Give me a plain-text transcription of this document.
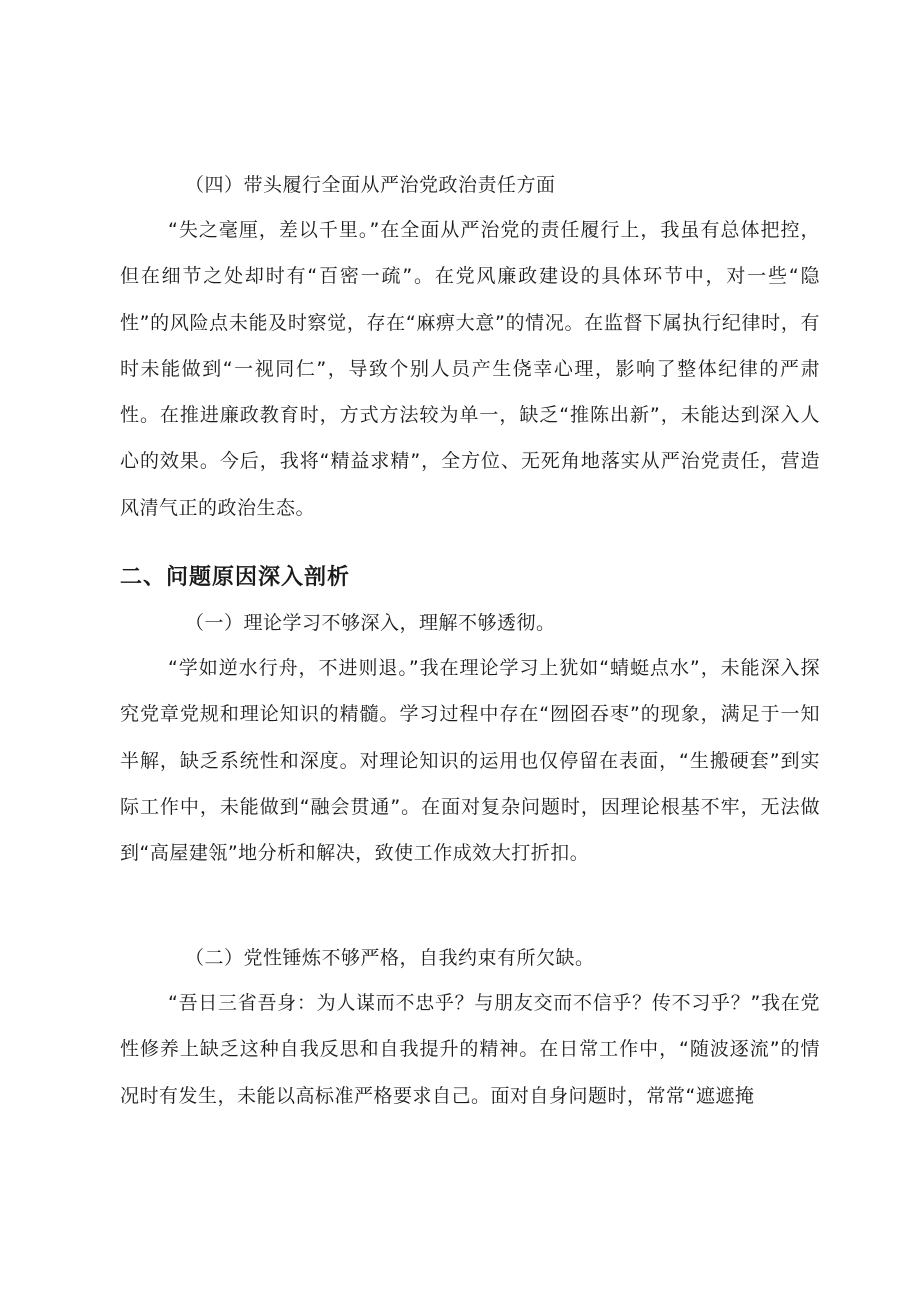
（四）带头履行全面从严治党政治责任方面

“失之毫厘，差以千里。”在全面从严治党的责任履行上，我虽有总体把控，但在细节之处却时有“百密一疏”。在党风廉政建设的具体环节中，对一些“隐性”的风险点未能及时察觉，存在“麻痹大意”的情况。在监督下属执行纪律时，有时未能做到“一视同仁”，导致个别人员产生侥幸心理，影响了整体纪律的严肃性。在推进廉政教育时，方式方法较为单一，缺乏“推陈出新”，未能达到深入人心的效果。今后，我将“精益求精”，全方位、无死角地落实从严治党责任，营造风清气正的政治生态。

二、问题原因深入剖析
（一）理论学习不够深入，理解不够透彻。

“学如逆水行舟，不进则退。”我在理论学习上犹如“蜻蜓点水”，未能深入探究党章党规和理论知识的精髓。学习过程中存在“囫囵吞枣”的现象，满足于一知半解，缺乏系统性和深度。对理论知识的运用也仅停留在表面，“生搬硬套”到实际工作中，未能做到“融会贯通”。在面对复杂问题时，因理论根基不牢，无法做到“高屋建瓴”地分析和解决，致使工作成效大打折扣。

（二）党性锤炼不够严格，自我约束有所欠缺。

“吾日三省吾身：为人谋而不忠乎？与朋友交而不信乎？传不习乎？”我在党性修养上缺乏这种自我反思和自我提升的精神。在日常工作中，“随波逐流”的情况时有发生，未能以高标准严格要求自己。面对自身问题时，常常“遮遮掩
